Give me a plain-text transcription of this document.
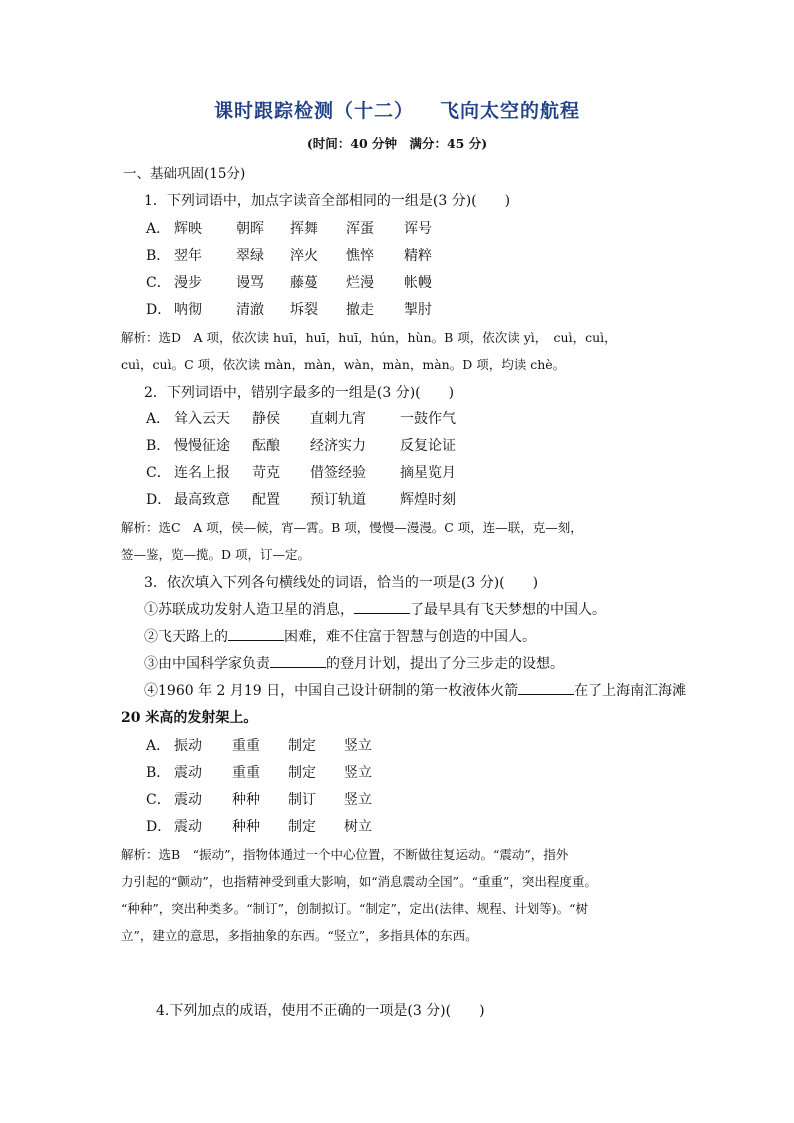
课时跟踪检测（十二） 飞向太空的航程
(时间：40 分钟　满分：45 分)
一、基础巩固(15分)
1．下列词语中，加点字读音全部相同的一组是(3 分)(　　)
A． 辉映 朝晖 挥舞 浑蛋 诨号
B． 翌年 翠绿 淬火 憔悴 精粹
C． 漫步 谩骂 藤蔓 烂漫 帐幔
D． 呐彻 清澈 坼裂 撤走 掣肘
解析：选D　A 项，依次读 huī，huī，huī，hún，hùn。B 项，依次读 yì，　cuì，cuì，
cuì，cuì。C 项，依次读 màn，màn，wàn，màn，màn。D 项，均读 chè。
2．下列词语中，错别字最多的一组是(3 分)(　　)
A． 耸入云天 静侯 直刺九宵 一鼓作气
B． 慢慢征途 酝酿 经济实力 反复论证
C． 连名上报 苛克 借签经验 摘星览月
D． 最高致意 配置 预订轨道 辉煌时刻
解析：选C　A 项，侯—候，宵—霄。B 项，慢慢—漫漫。C 项，连—联，克—刻，
签—鉴，览—揽。D 项，订—定。
3．依次填入下列各句横线处的词语，恰当的一项是(3 分)(　　)
①苏联成功发射人造卫星的消息，	了最早具有飞天梦想的中国人。
②飞天路上的	困难，难不住富于智慧与创造的中国人。
③由中国科学家负责	的登月计划，提出了分三步走的设想。
④1960 年 2 月19 日，中国自己设计研制的第一枚液体火箭	在了上海南汇海滩
20 米高的发射架上。
A． 振动 重重 制定 竖立
B． 震动 重重 制定 竖立
C． 震动 种种 制订 竖立
D． 震动 种种 制定 树立
解析：选B　“振动”，指物体通过一个中心位置，不断做往复运动。“震动”，指外
力引起的“颤动”，也指精神受到重大影响，如“消息震动全国”。“重重”，突出程度重。
“种种”，突出种类多。“制订”，创制拟订。“制定”，定出(法律、规程、计划等)。“树
立”，建立的意思，多指抽象的东西。“竖立”，多指具体的东西。
4.下列加点的成语，使用不正确的一项是(3 分)(　　)
